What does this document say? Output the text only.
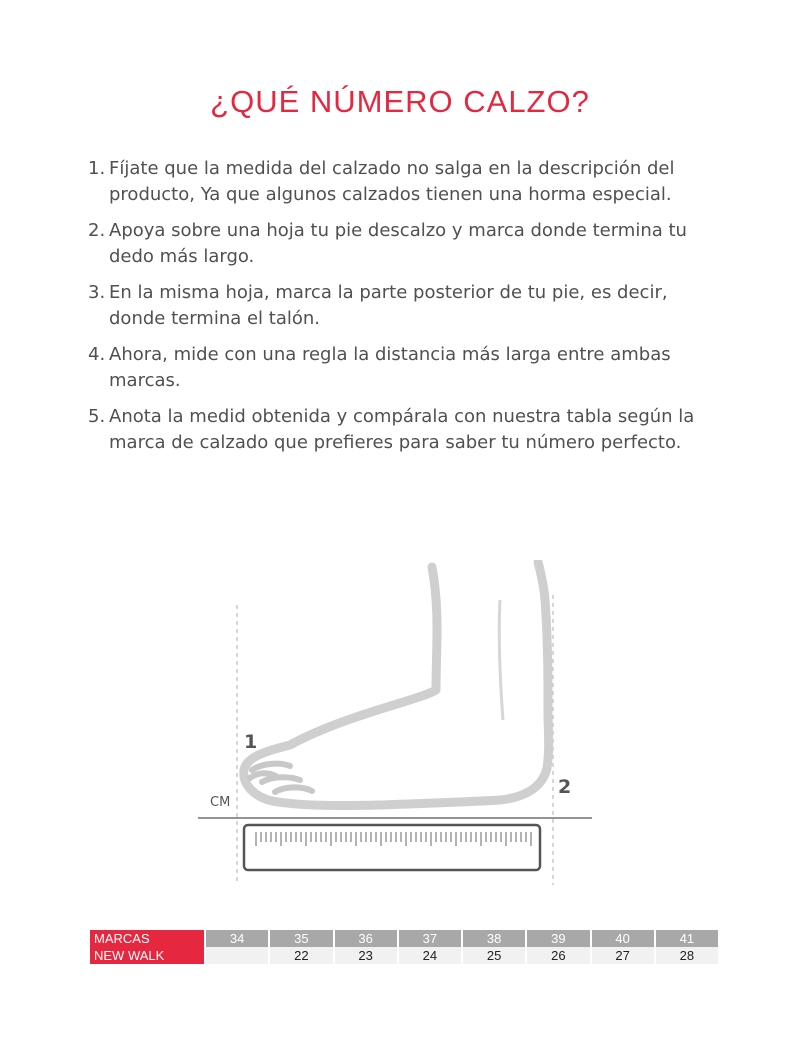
¿QUÉ NÚMERO CALZO?
1. Fíjate que la medida del calzado no salga en la descripción del producto, Ya que algunos calzados tienen una horma especial.
2. Apoya sobre una hoja tu pie descalzo y marca donde termina tu dedo más largo.
3. En la misma hoja, marca la parte posterior de tu pie, es decir, donde termina el talón.
4. Ahora, mide con una regla la distancia más larga entre ambas marcas.
5. Anota la medid obtenida y compárala con nuestra tabla según la marca de calzado que prefieres para saber tu número perfecto.
CM
1
2
MARCAS	34	35	36	37	38	39	40	41
NEW WALK		22	23	24	25	26	27	28
